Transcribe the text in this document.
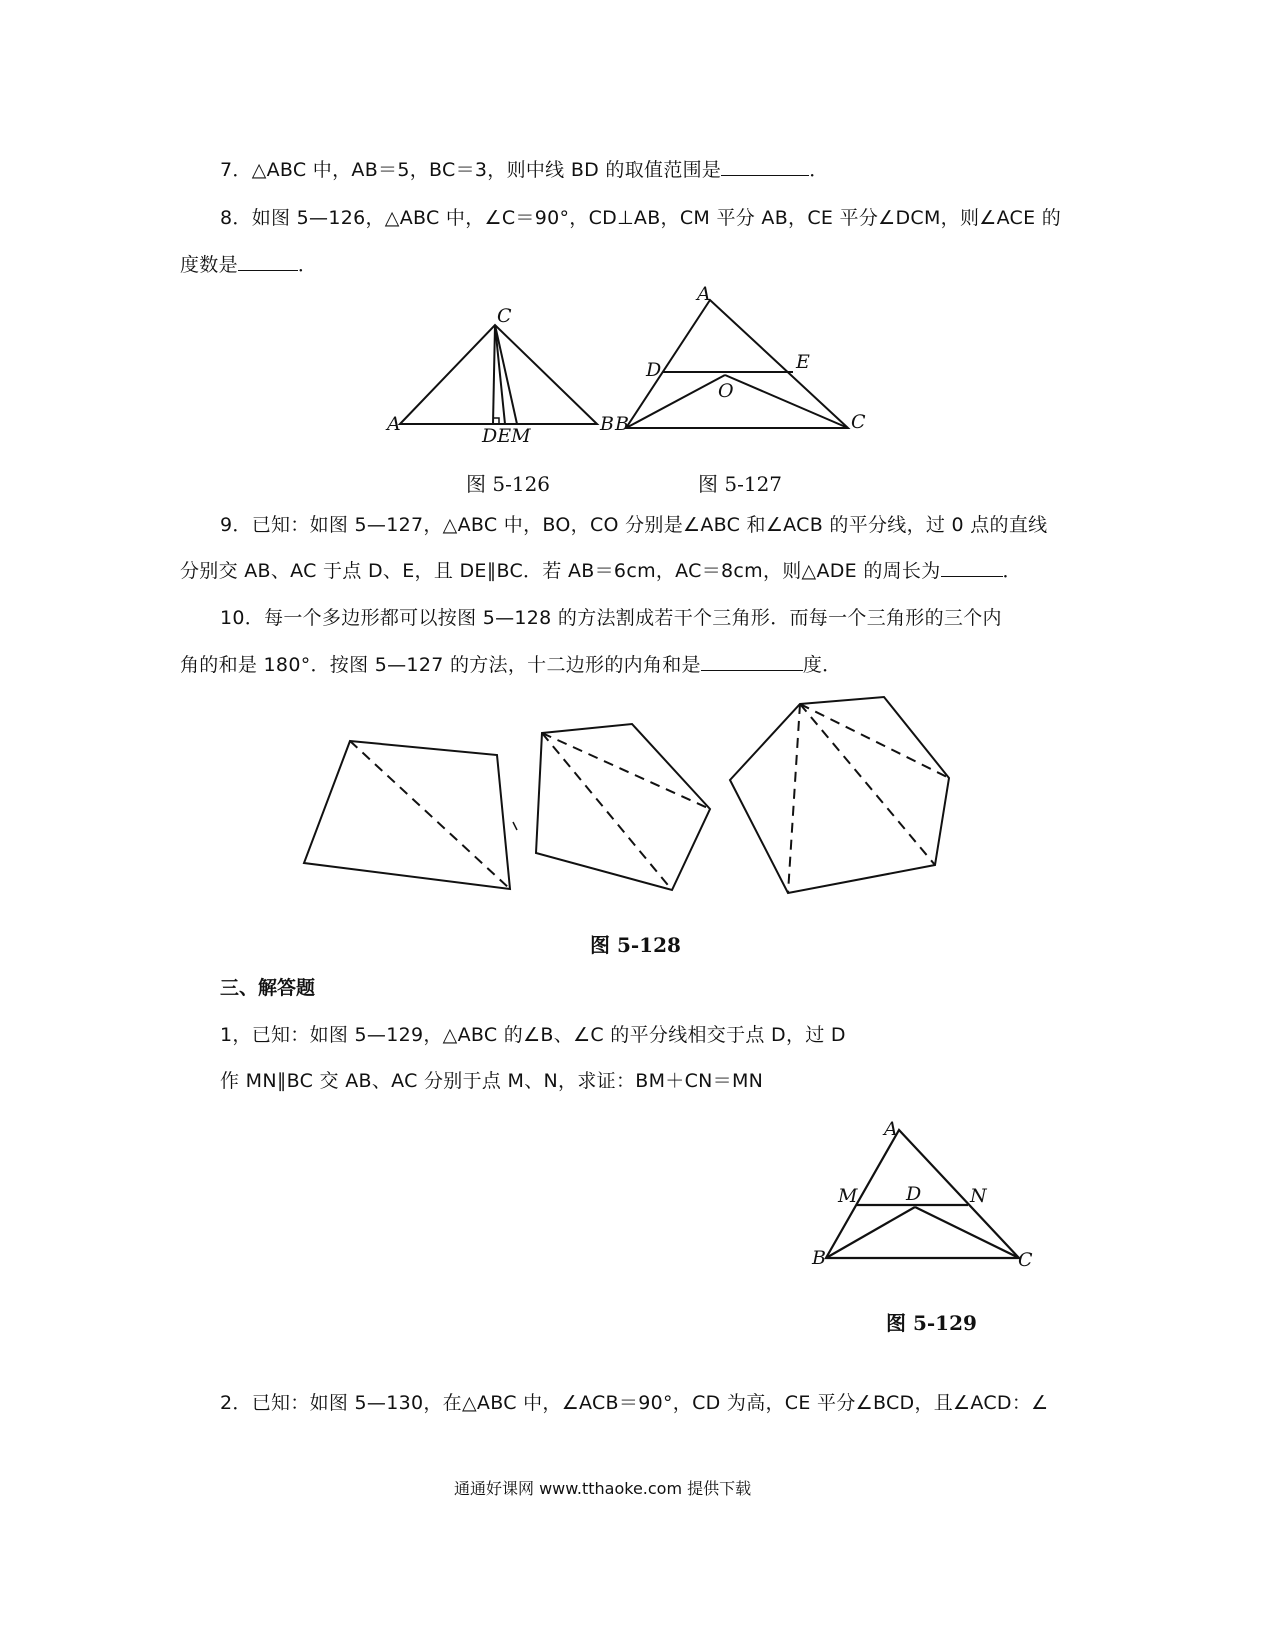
7．△ABC 中，AB＝5，BC＝3，则中线 BD 的取值范围是	．
8．如图 5—126，△ABC 中，∠C＝90°，CD⊥AB，CM 平分 AB，CE 平分∠DCM，则∠ACE 的
度数是	．
C
A	B
DEM
A
D	E
O
B	C
A
M	D	N
B	C
图 5-126	图 5-127
9．已知：如图 5—127，△ABC 中，BO，CO 分别是∠ABC 和∠ACB 的平分线，过 0 点的直线
分别交 AB、AC 于点 D、E，且 DE∥BC．若 AB＝6cm，AC＝8cm，则△ADE 的周长为	．
10．每一个多边形都可以按图 5—128 的方法割成若干个三角形．而每一个三角形的三个内
角的和是 180°．按图 5—127 的方法，十二边形的内角和是	度．
图 5-128
三、解答题
1，已知：如图 5—129，△ABC 的∠B、∠C 的平分线相交于点 D，过 D
作 MN∥BC 交 AB、AC 分别于点 M、N，求证：BM＋CN＝MN
图 5-129
2．已知：如图 5—130，在△ABC 中，∠ACB＝90°，CD 为高，CE 平分∠BCD，且∠ACD：∠
通通好课网 www.tthaoke.com 提供下载
